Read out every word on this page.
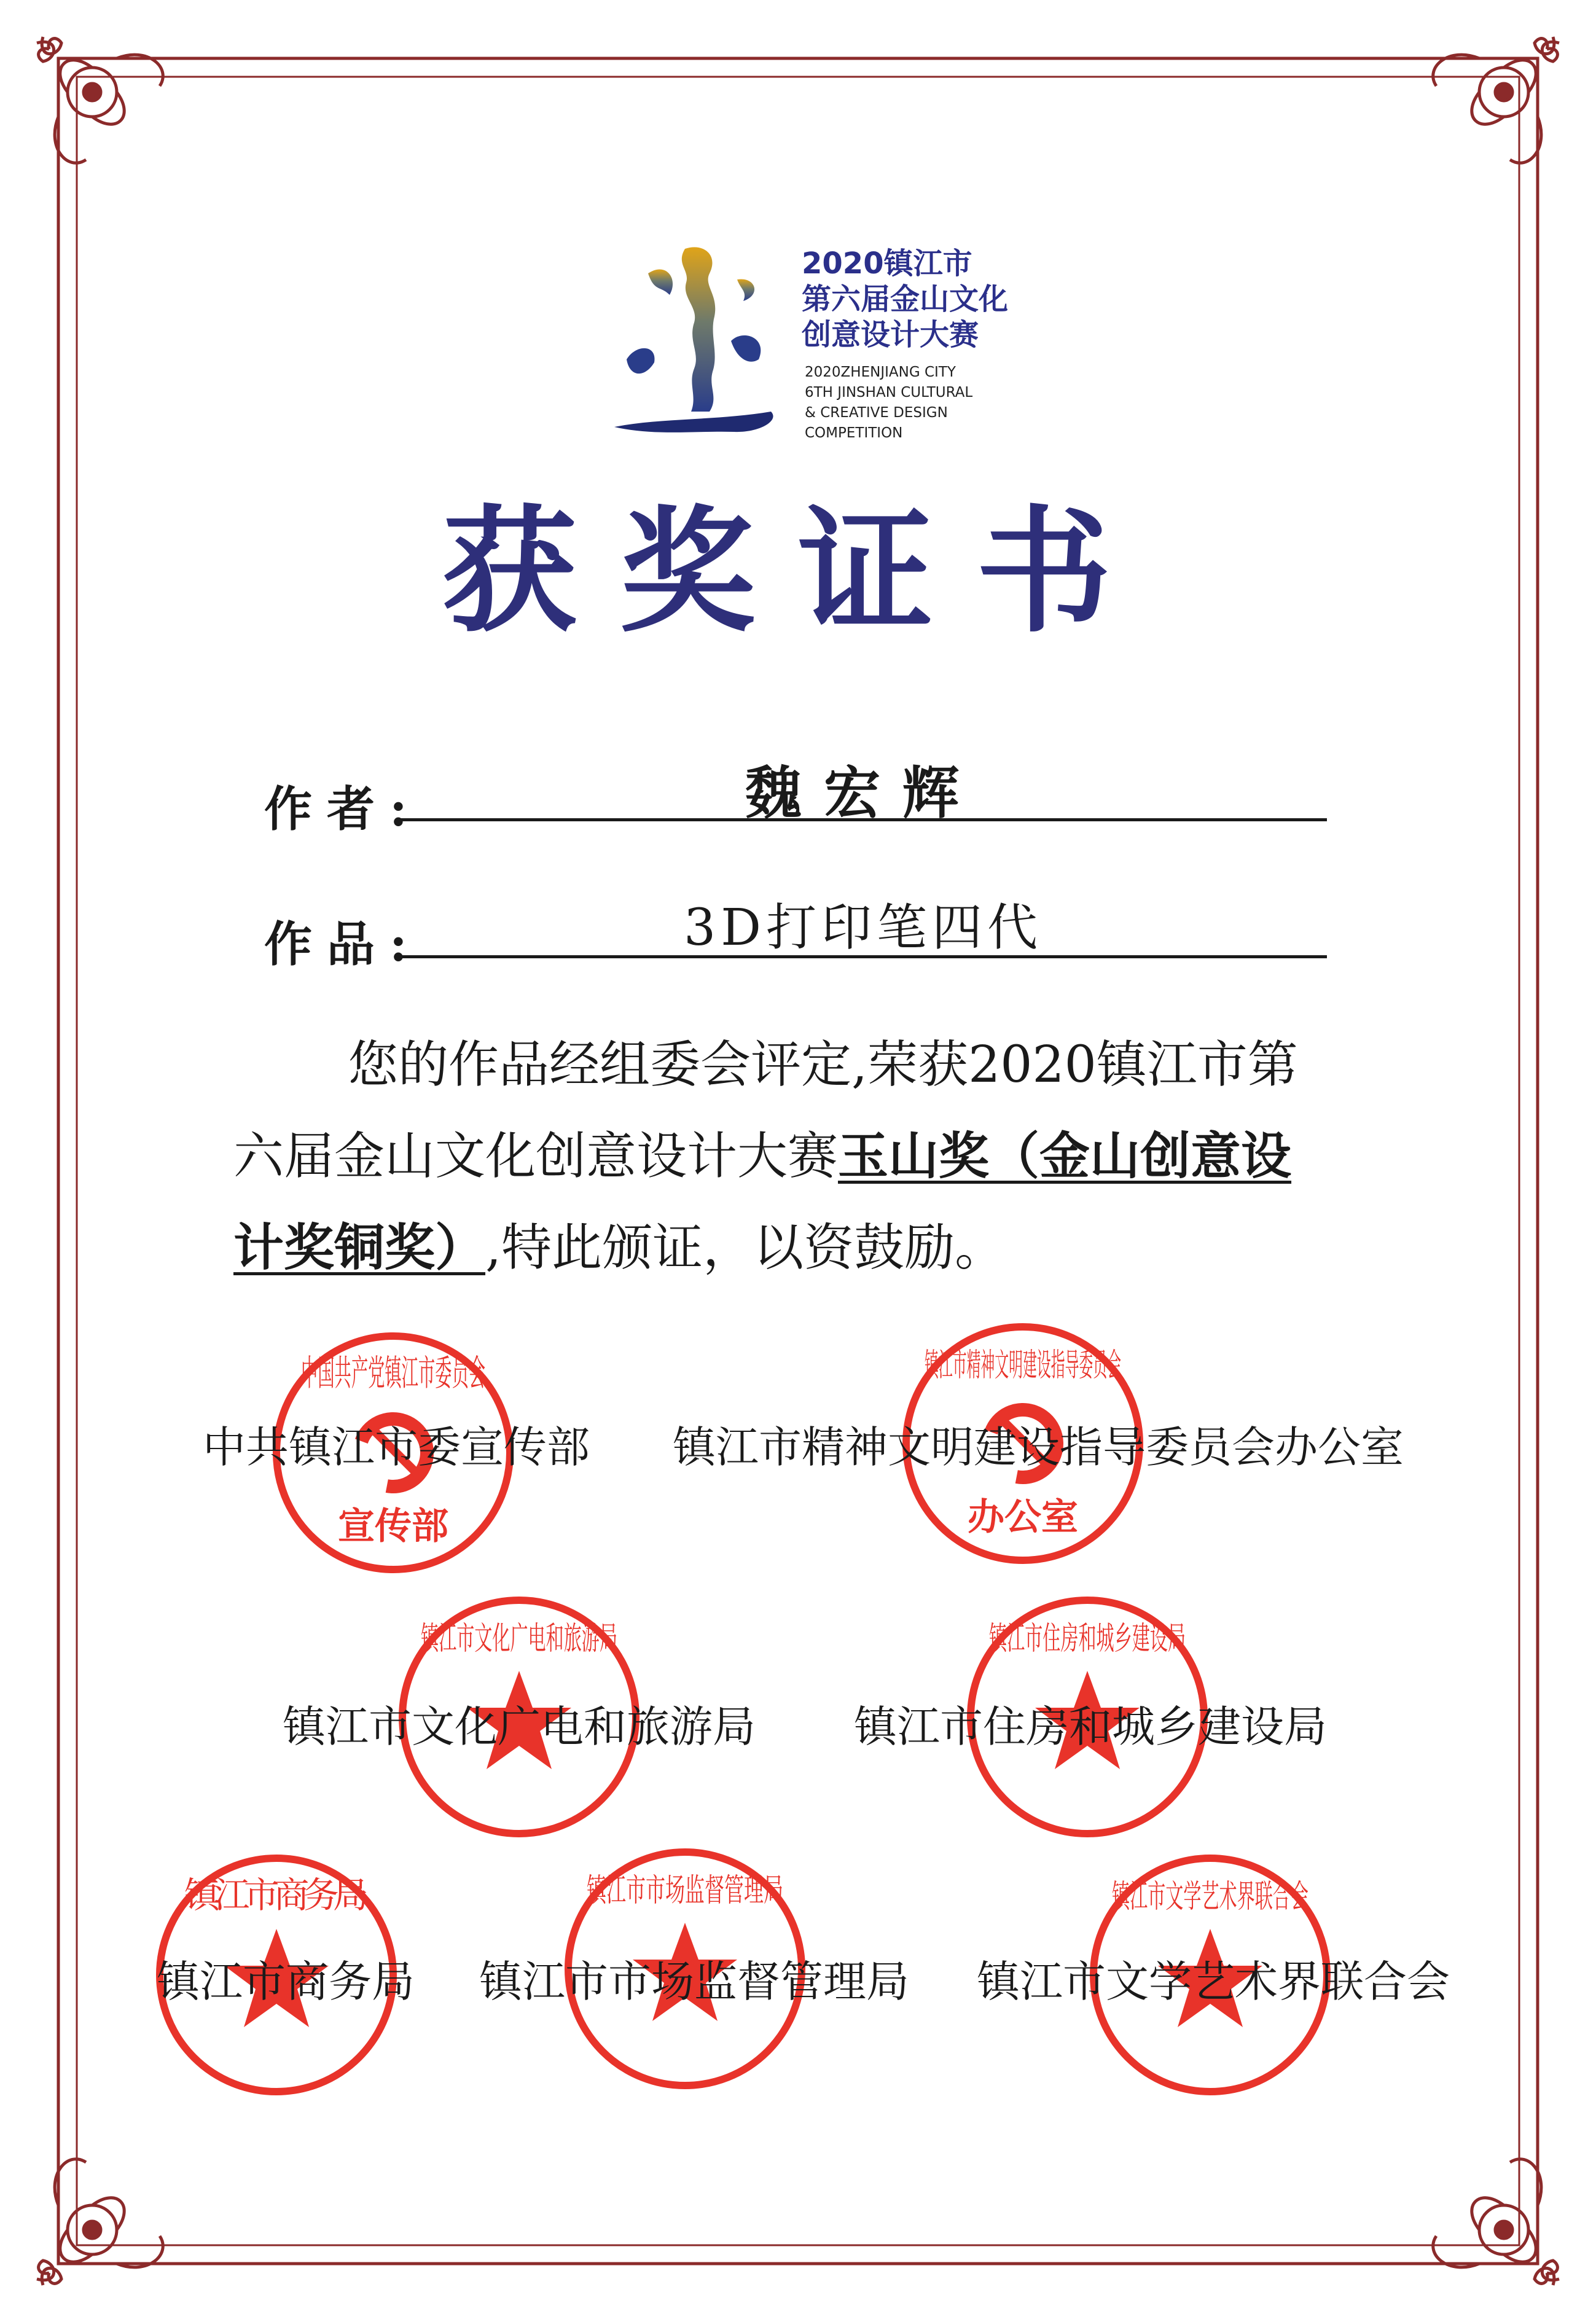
2020镇江市
第六届金山文化
创意设计大赛
2020ZHENJIANG CITY
6TH JINSHAN CULTURAL
& CREATIVE DESIGN
COMPETITION
获奖证书
作者:	魏宏辉
作品:	3D打印笔四代
您的作品经组委会评定,荣获2020镇江市第六届金山文化创意设计大赛玉山奖（金山创意设计奖铜奖）,特此颁证，以资鼓励。
中国共产党镇江市委员会
宣传部
镇江市精神文明建设指导委员会
办公室
镇江市文化广电和旅游局	镇江市住房和城乡建设局
镇江市商务局	镇江市市场监督管理局	镇江市文学艺术界联合会
中共镇江市委宣传部 镇江市精神文明建设指导委员会办公室
镇江市文化广电和旅游局 镇江市住房和城乡建设局
镇江市商务局 镇江市市场监督管理局 镇江市文学艺术界联合会
